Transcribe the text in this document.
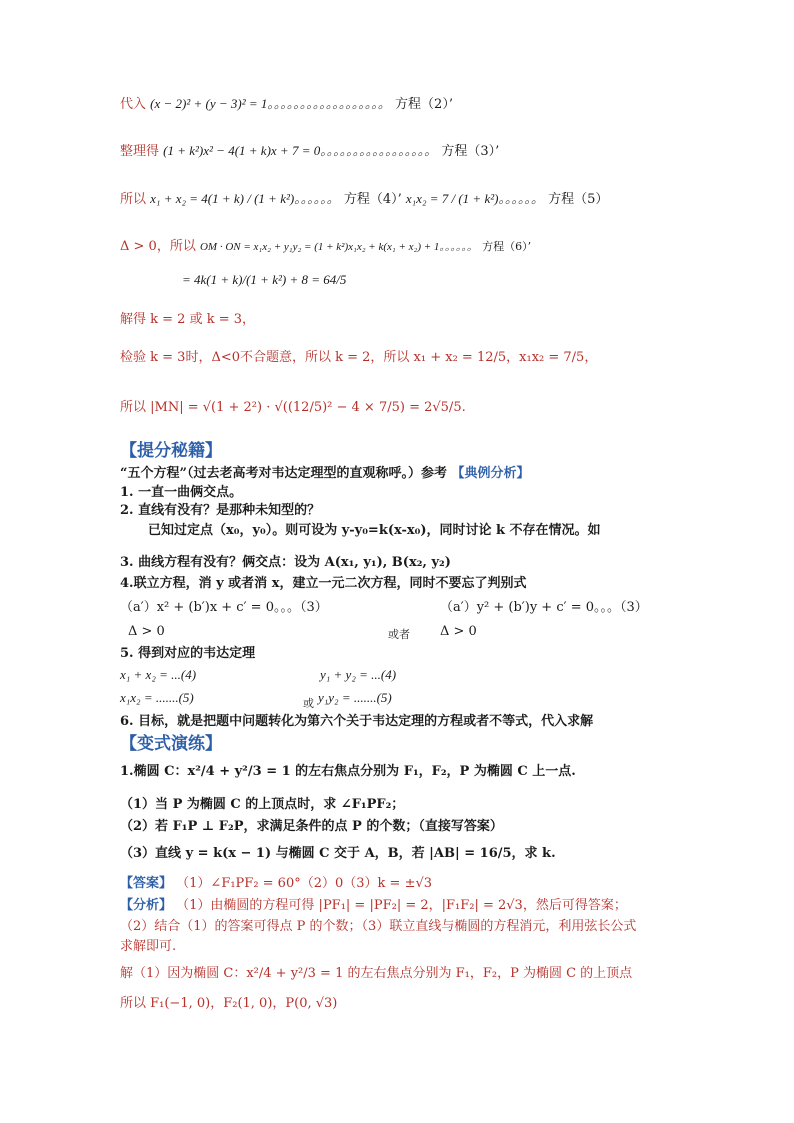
代入 (x − 2)² + (y − 3)² = 1。。。。。。。。。。。。。。。。。。 方程（2）’
整理得 (1 + k²)x² − 4(1 + k)x + 7 = 0。。。。。。。。。。。。。。。。。 方程（3）’
所以 x₁ + x₂ = 4(1 + k) / (1 + k²)。。。。。。 方程（4）’ x₁x₂ = 7 / (1 + k²)。。。。。。 方程（5）
Δ > 0，所以 OM · ON = x₁x₂ + y₁y₂ = (1 + k²)x₁x₂ + k(x₁ + x₂) + 1。。。。。。 方程（6）’
= 4k(1 + k)/(1 + k²) + 8 = 64/5
解得 k = 2 或 k = 3，
检验 k = 3时，Δ<0不合题意，所以 k = 2，所以 x₁ + x₂ = 12/5，x₁x₂ = 7/5，
所以 |MN| = √(1 + 2²) · √((12/5)² − 4 × 7/5) = 2√5/5.
【提分秘籍】
“五个方程”（过去老高考对韦达定理型的直观称呼。）参考 【典例分析】
1. 一直一曲俩交点。
2. 直线有没有？是那种未知型的？
已知过定点（x₀，y₀）。则可设为 y-y₀=k(x-x₀)，同时讨论 k 不存在情况。如
3. 曲线方程有没有？俩交点：设为 A(x₁, y₁), B(x₂, y₂)
4.联立方程，消 y 或者消 x，建立一元二次方程，同时不要忘了判别式
（a′）x² + (b′)x + c′ = 0。。。（3）	（a′）y² + (b′)y + c′ = 0。。。（3）
Δ > 0	或者 Δ > 0
5. 得到对应的韦达定理
x₁ + x₂ = ...(4)	y₁ + y₂ = ...(4)
x₁x₂ = .......(5)	或 y₁y₂ = .......(5)
6. 目标，就是把题中问题转化为第六个关于韦达定理的方程或者不等式，代入求解
【变式演练】
1.椭圆 C：x²/4 + y²/3 = 1 的左右焦点分别为 F₁，F₂，P 为椭圆 C 上一点.
（1）当 P 为椭圆 C 的上顶点时，求 ∠F₁PF₂；
（2）若 F₁P ⊥ F₂P，求满足条件的点 P 的个数；（直接写答案）
（3）直线 y = k(x − 1) 与椭圆 C 交于 A，B，若 |AB| = 16/5，求 k.
【答案】 （1）∠F₁PF₂ = 60°（2）0（3）k = ±√3
【分析】 （1）由椭圆的方程可得 |PF₁| = |PF₂| = 2，|F₁F₂| = 2√3，然后可得答案；
（2）结合（1）的答案可得点 P 的个数；（3）联立直线与椭圆的方程消元，利用弦长公式
求解即可.
解（1）因为椭圆 C：x²/4 + y²/3 = 1 的左右焦点分别为 F₁，F₂，P 为椭圆 C 的上顶点
所以 F₁(−1, 0)，F₂(1, 0)，P(0, √3)
